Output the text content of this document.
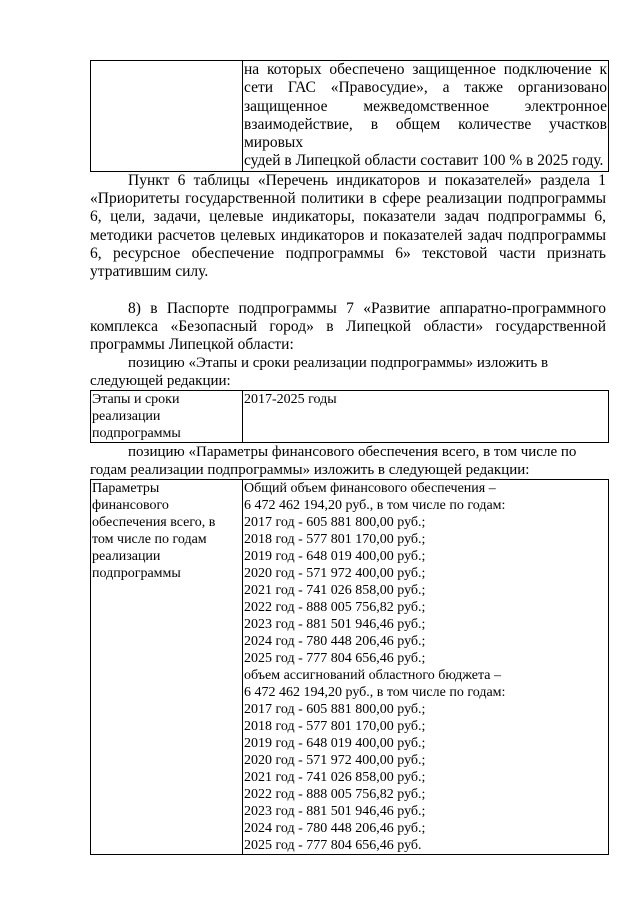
на которых обеспечено защищенное подключение к
сети ГАС «Правосудие», а также организовано
защищенное межведомственное электронное
взаимодействие, в общем количестве участков мировых
судей в Липецкой области составит 100 % в 2025 году.

Пункт 6 таблицы «Перечень индикаторов и показателей» раздела 1 «Приоритеты государственной политики в сфере реализации подпрограммы 6, цели, задачи, целевые индикаторы, показатели задач подпрограммы 6, методики расчетов целевых индикаторов и показателей задач подпрограммы 6, ресурсное обеспечение подпрограммы 6» текстовой части признать утратившим силу.

8) в Паспорте подпрограммы 7 «Развитие аппаратно-программного комплекса «Безопасный город» в Липецкой области» государственной программы Липецкой области:

позицию «Этапы и сроки реализации подпрограммы» изложить в

следующей редакции:

Этапы и сроки
реализации
подпрограммы
	2017-2025 годы

позицию «Параметры финансового обеспечения всего, в том числе по

годам реализации подпрограммы» изложить в следующей редакции:

Параметры
финансового
обеспечения всего, в
том числе по годам
реализации
подпрограммы

Общий объем финансового обеспечения –
6 472 462 194,20 руб., в том числе по годам:
2017 год - 605 881 800,00 руб.;
2018 год - 577 801 170,00 руб.;
2019 год - 648 019 400,00 руб.;
2020 год - 571 972 400,00 руб.;
2021 год - 741 026 858,00 руб.;
2022 год - 888 005 756,82 руб.;
2023 год - 881 501 946,46 руб.;
2024 год - 780 448 206,46 руб.;
2025 год - 777 804 656,46 руб.;
объем ассигнований областного бюджета –
6 472 462 194,20 руб., в том числе по годам:
2017 год - 605 881 800,00 руб.;
2018 год - 577 801 170,00 руб.;
2019 год - 648 019 400,00 руб.;
2020 год - 571 972 400,00 руб.;
2021 год - 741 026 858,00 руб.;
2022 год - 888 005 756,82 руб.;
2023 год - 881 501 946,46 руб.;
2024 год - 780 448 206,46 руб.;
2025 год - 777 804 656,46 руб.
